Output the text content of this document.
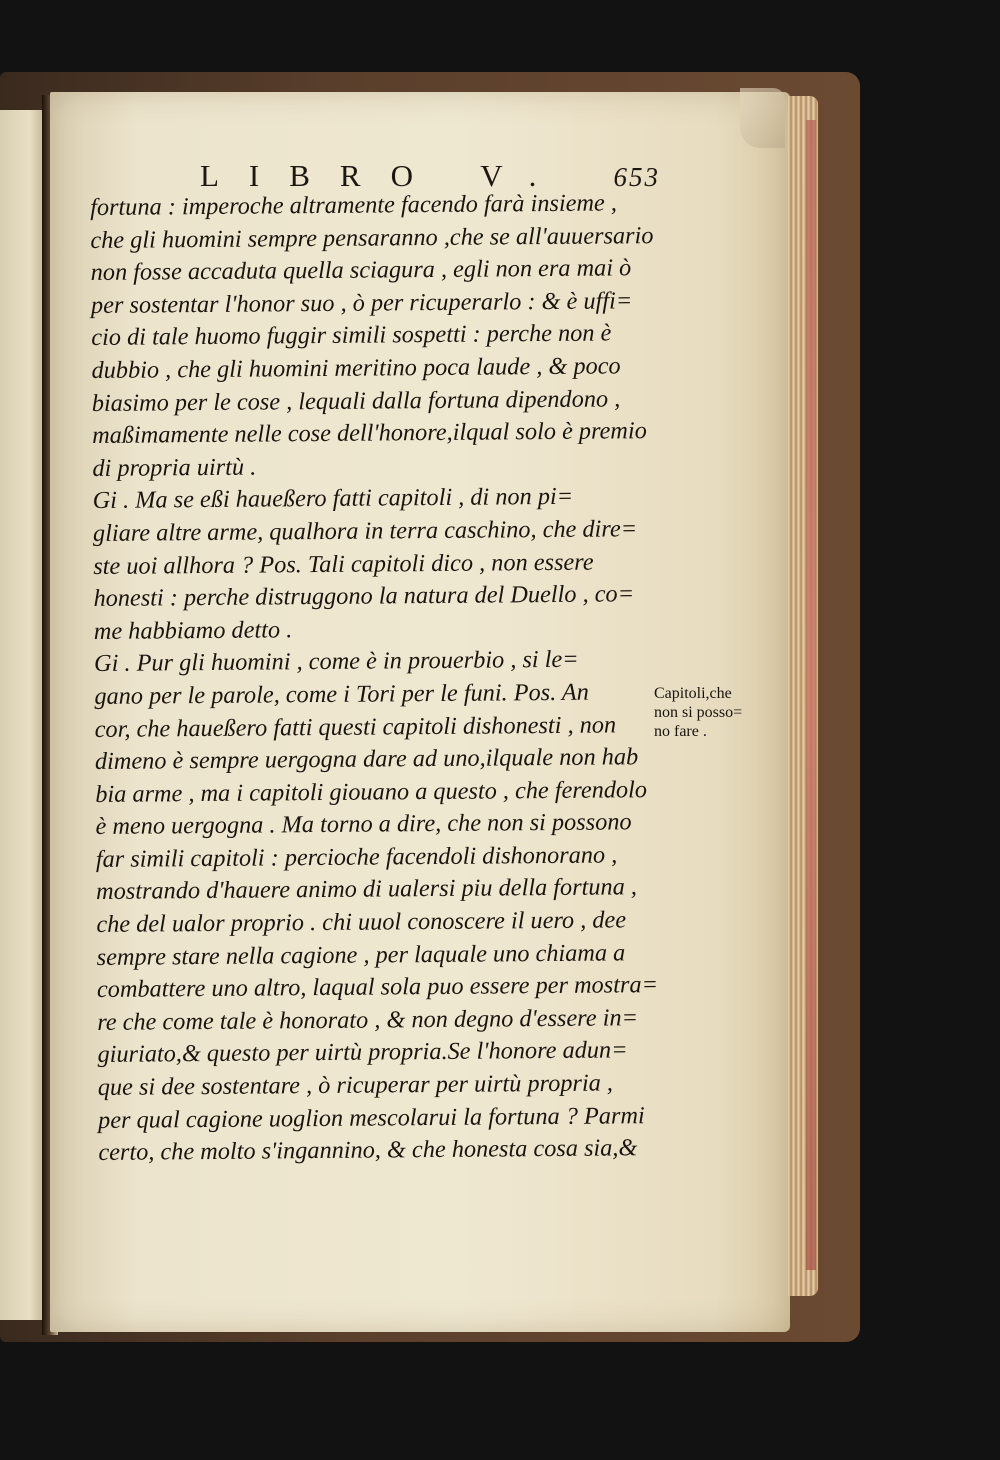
LIBRO V. 653
fortuna : imperoche altramente facendo farà insieme ,
che gli huomini sempre pensaranno ,che se all'auuersario
non fosse accaduta quella sciagura , egli non era mai ò
per sostentar l'honor suo , ò per ricuperarlo : & è uffi=
cio di tale huomo fuggir simili sospetti : perche non è
dubbio , che gli huomini meritino poca laude , & poco
biasimo per le cose , lequali dalla fortuna dipendono ,
maßimamente nelle cose dell'honore,ilqual solo è premio
di propria uirtù .
Gi . Ma se eßi haueßero fatti capitoli , di non pi=
gliare altre arme, qualhora in terra caschino, che dire=
ste uoi allhora ? Pos. Tali capitoli dico , non essere
honesti : perche distruggono la natura del Duello , co=
me habbiamo detto .
Gi . Pur gli huomini , come è in prouerbio , si le=
gano per le parole, come i Tori per le funi. Pos. An
cor, che haueßero fatti questi capitoli dishonesti , non
dimeno è sempre uergogna dare ad uno,ilquale non hab
bia arme , ma i capitoli giouano a questo , che ferendolo
è meno uergogna . Ma torno a dire, che non si possono
far simili capitoli : percioche facendoli dishonorano ,
mostrando d'hauere animo di ualersi piu della fortuna ,
che del ualor proprio . chi uuol conoscere il uero , dee
sempre stare nella cagione , per laquale uno chiama a
combattere uno altro, laqual sola puo essere per mostra=
re che come tale è honorato , & non degno d'essere in=
giuriato,& questo per uirtù propria.Se l'honore adun=
que si dee sostentare , ò ricuperar per uirtù propria ,
per qual cagione uoglion mescolarui la fortuna ? Parmi
certo, che molto s'ingannino, & che honesta cosa sia,&
Capitoli,che
non si posso=
no fare .
